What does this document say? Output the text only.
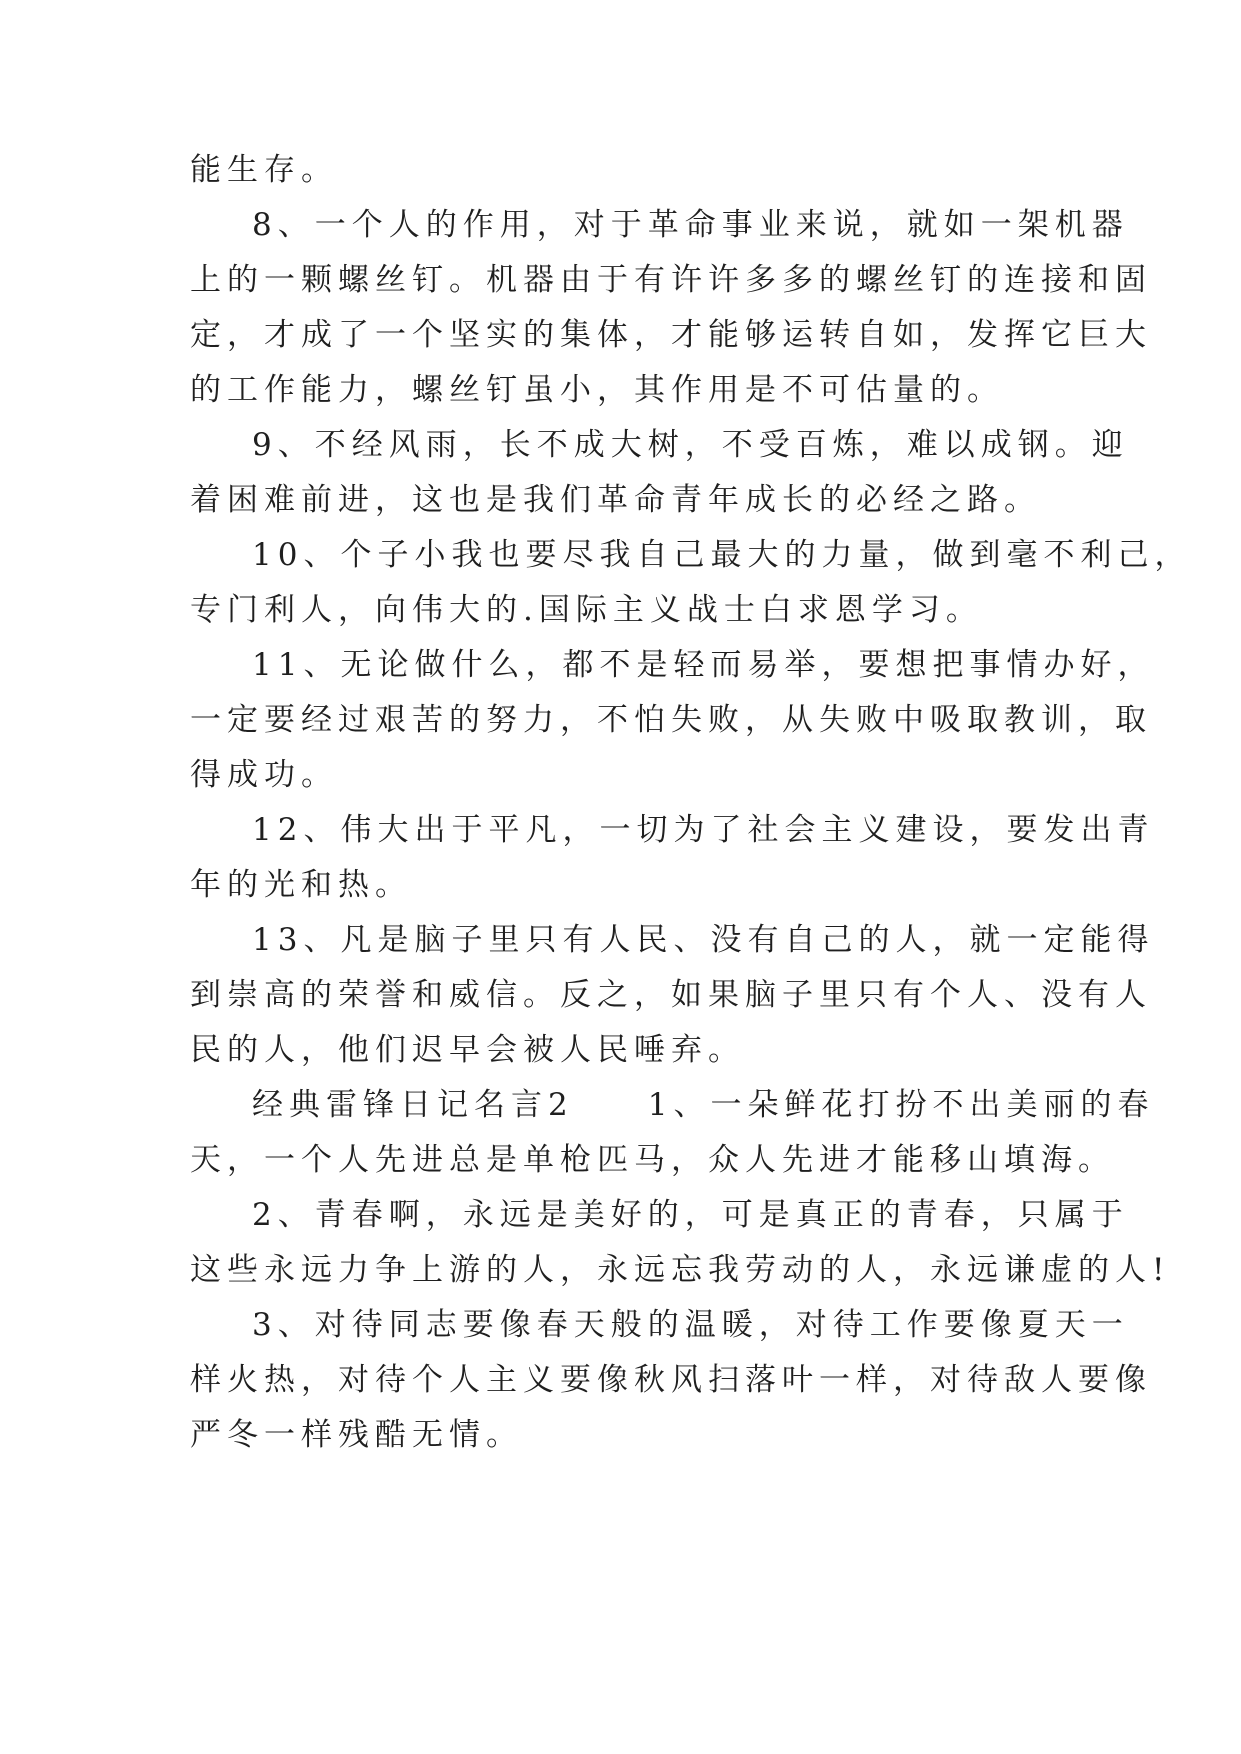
能生存。
8、一个人的作用，对于革命事业来说，就如一架机器
上的一颗螺丝钉。机器由于有许许多多的螺丝钉的连接和固
定，才成了一个坚实的集体，才能够运转自如，发挥它巨大
的工作能力，螺丝钉虽小，其作用是不可估量的。
9、不经风雨，长不成大树，不受百炼，难以成钢。迎
着困难前进，这也是我们革命青年成长的必经之路。
10、个子小我也要尽我自己最大的力量，做到毫不利己，
专门利人，向伟大的.国际主义战士白求恩学习。
11、无论做什么，都不是轻而易举，要想把事情办好，
一定要经过艰苦的努力，不怕失败，从失败中吸取教训，取
得成功。
12、伟大出于平凡，一切为了社会主义建设，要发出青
年的光和热。
13、凡是脑子里只有人民、没有自己的人，就一定能得
到崇高的荣誉和威信。反之，如果脑子里只有个人、没有人
民的人，他们迟早会被人民唾弃。
经典雷锋日记名言2　　1、一朵鲜花打扮不出美丽的春
天，一个人先进总是单枪匹马，众人先进才能移山填海。
2、青春啊，永远是美好的，可是真正的青春，只属于
这些永远力争上游的人，永远忘我劳动的人，永远谦虚的人!
3、对待同志要像春天般的温暖，对待工作要像夏天一
样火热，对待个人主义要像秋风扫落叶一样，对待敌人要像
严冬一样残酷无情。
